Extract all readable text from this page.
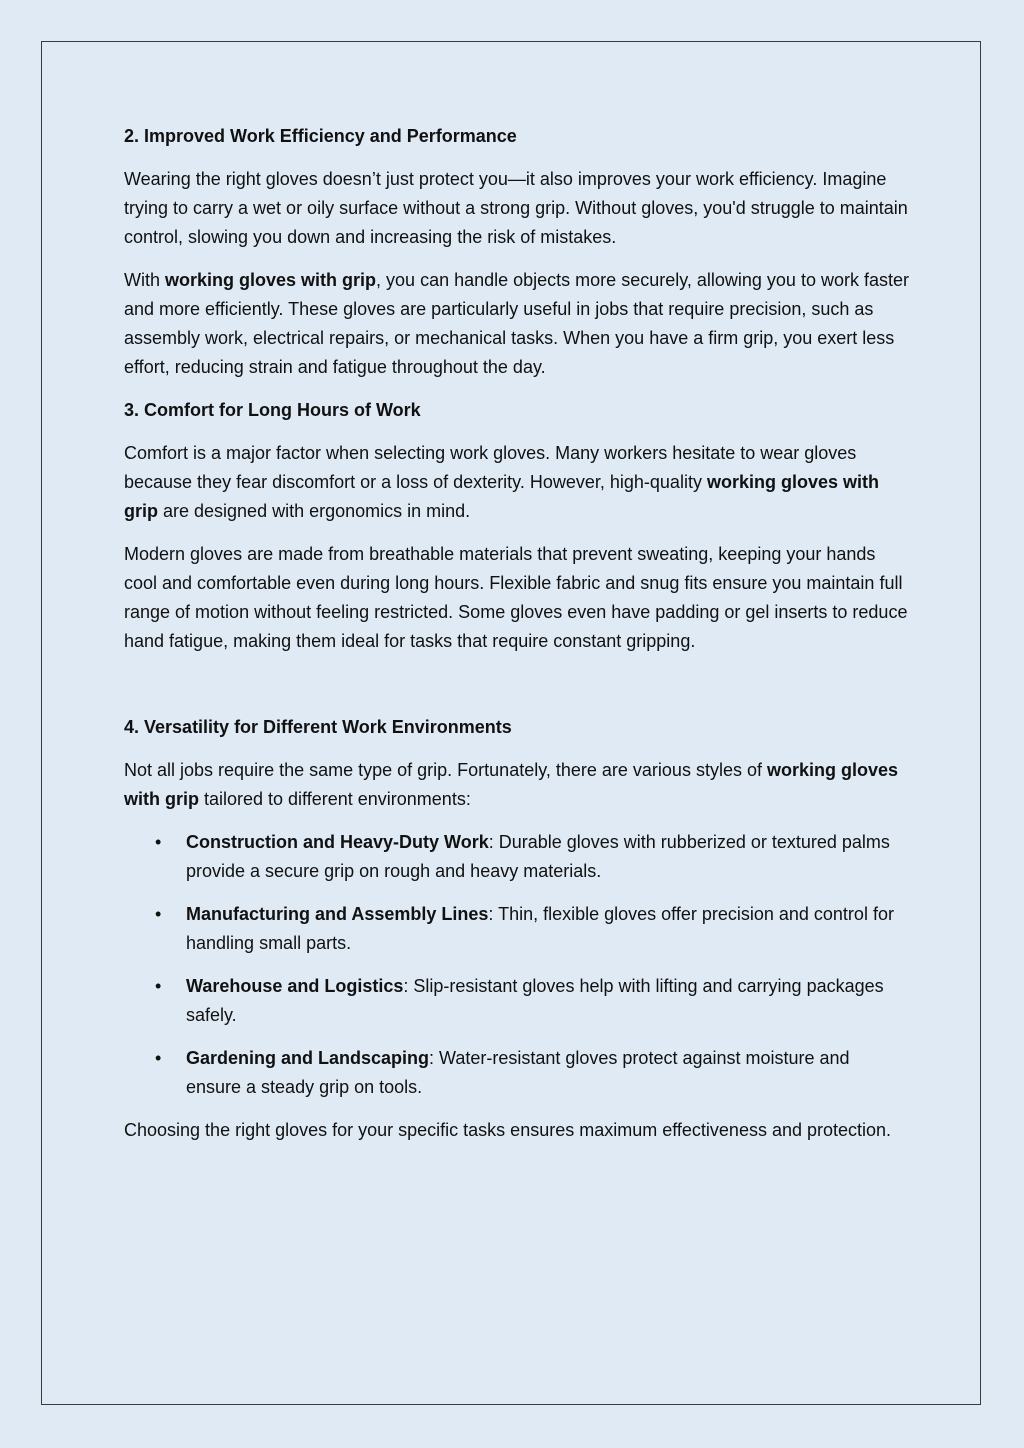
2. Improved Work Efficiency and Performance

Wearing the right gloves doesn’t just protect you—it also improves your work efficiency. Imagine trying to carry a wet or oily surface without a strong grip. Without gloves, you'd struggle to maintain control, slowing you down and increasing the risk of mistakes.

With working gloves with grip, you can handle objects more securely, allowing you to work faster and more efficiently. These gloves are particularly useful in jobs that require precision, such as assembly work, electrical repairs, or mechanical tasks. When you have a firm grip, you exert less effort, reducing strain and fatigue throughout the day.

3. Comfort for Long Hours of Work

Comfort is a major factor when selecting work gloves. Many workers hesitate to wear gloves because they fear discomfort or a loss of dexterity. However, high-quality working gloves with grip are designed with ergonomics in mind.

Modern gloves are made from breathable materials that prevent sweating, keeping your hands cool and comfortable even during long hours. Flexible fabric and snug fits ensure you maintain full range of motion without feeling restricted. Some gloves even have padding or gel inserts to reduce hand fatigue, making them ideal for tasks that require constant gripping.

4. Versatility for Different Work Environments

Not all jobs require the same type of grip. Fortunately, there are various styles of working gloves with grip tailored to different environments:

• Construction and Heavy-Duty Work: Durable gloves with rubberized or textured palms provide a secure grip on rough and heavy materials.
• Manufacturing and Assembly Lines: Thin, flexible gloves offer precision and control for handling small parts.
• Warehouse and Logistics: Slip-resistant gloves help with lifting and carrying packages safely.
• Gardening and Landscaping: Water-resistant gloves protect against moisture and ensure a steady grip on tools.

Choosing the right gloves for your specific tasks ensures maximum effectiveness and protection.
